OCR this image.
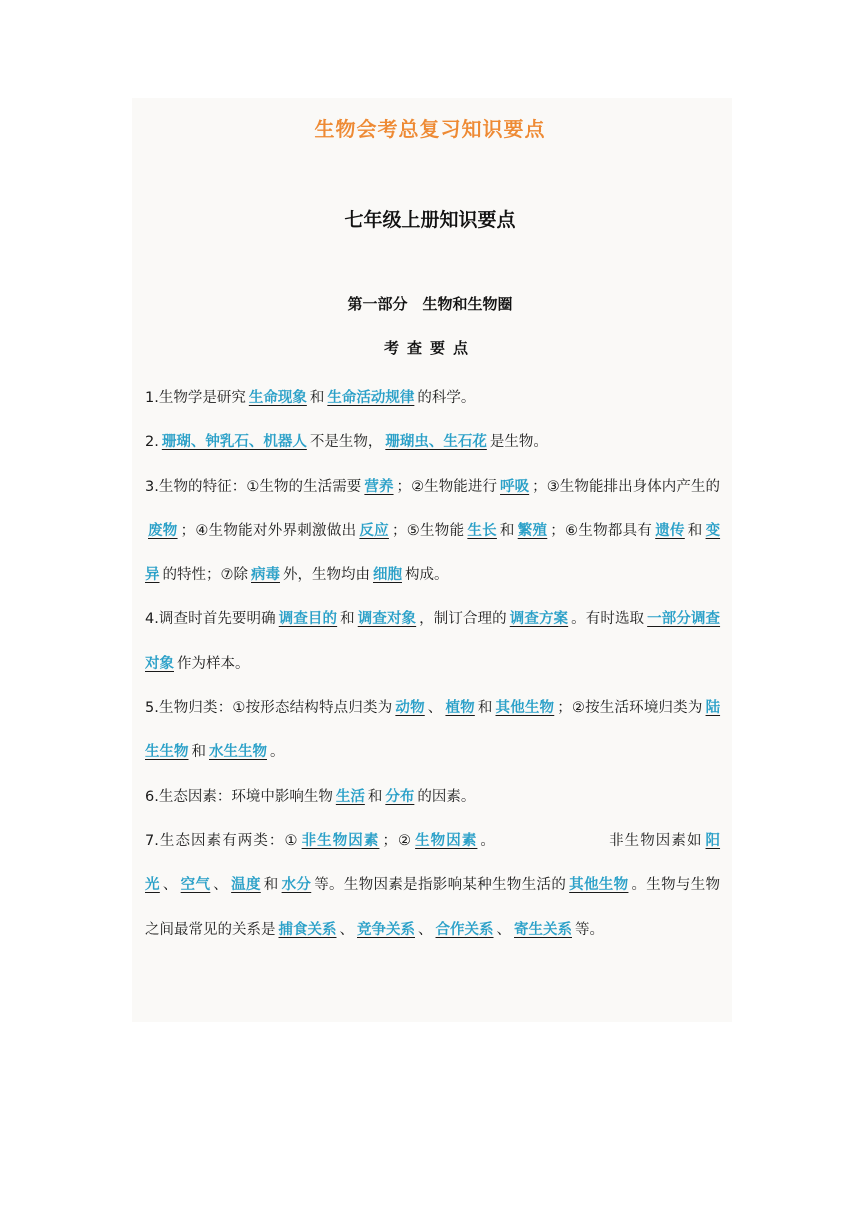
生物会考总复习知识要点
七年级上册知识要点
第一部分　生物和生物圈
考查要点

1.生物学是研究 生命现象 和 生命活动规律 的科学。

2. 珊瑚、钟乳石、机器人 不是生物， 珊瑚虫、生石花 是生物。

3.生物的特征：①生物的生活需要 营养 ；②生物能进行 呼吸 ；③生物能排出身体内产生的废物 ；④生物能对外界刺激做出 反应 ；⑤生物能 生长 和 繁殖 ；⑥生物都具有 遗传 和 变异 的特性；⑦除 病毒 外，生物均由 细胞 构成。

4.调查时首先要明确 调查目的 和 调查对象 ，制订合理的 调查方案 。有时选取 一部分调查对象 作为样本。

5.生物归类：①按形态结构特点归类为 动物 、 植物 和 其他生物 ；②按生活环境归类为 陆生生物 和 水生生物 。

6.生态因素：环境中影响生物 生活 和 分布 的因素。

7.生态因素有两类：① 非生物因素 ；② 生物因素 。	非生物因素如 阳光 、 空气 、 温度 和 水分 等。生物因素是指影响某种生物生活的 其他生物 。生物与生物之间最常见的关系是 捕食关系 、 竞争关系 、 合作关系 、 寄生关系 等。
